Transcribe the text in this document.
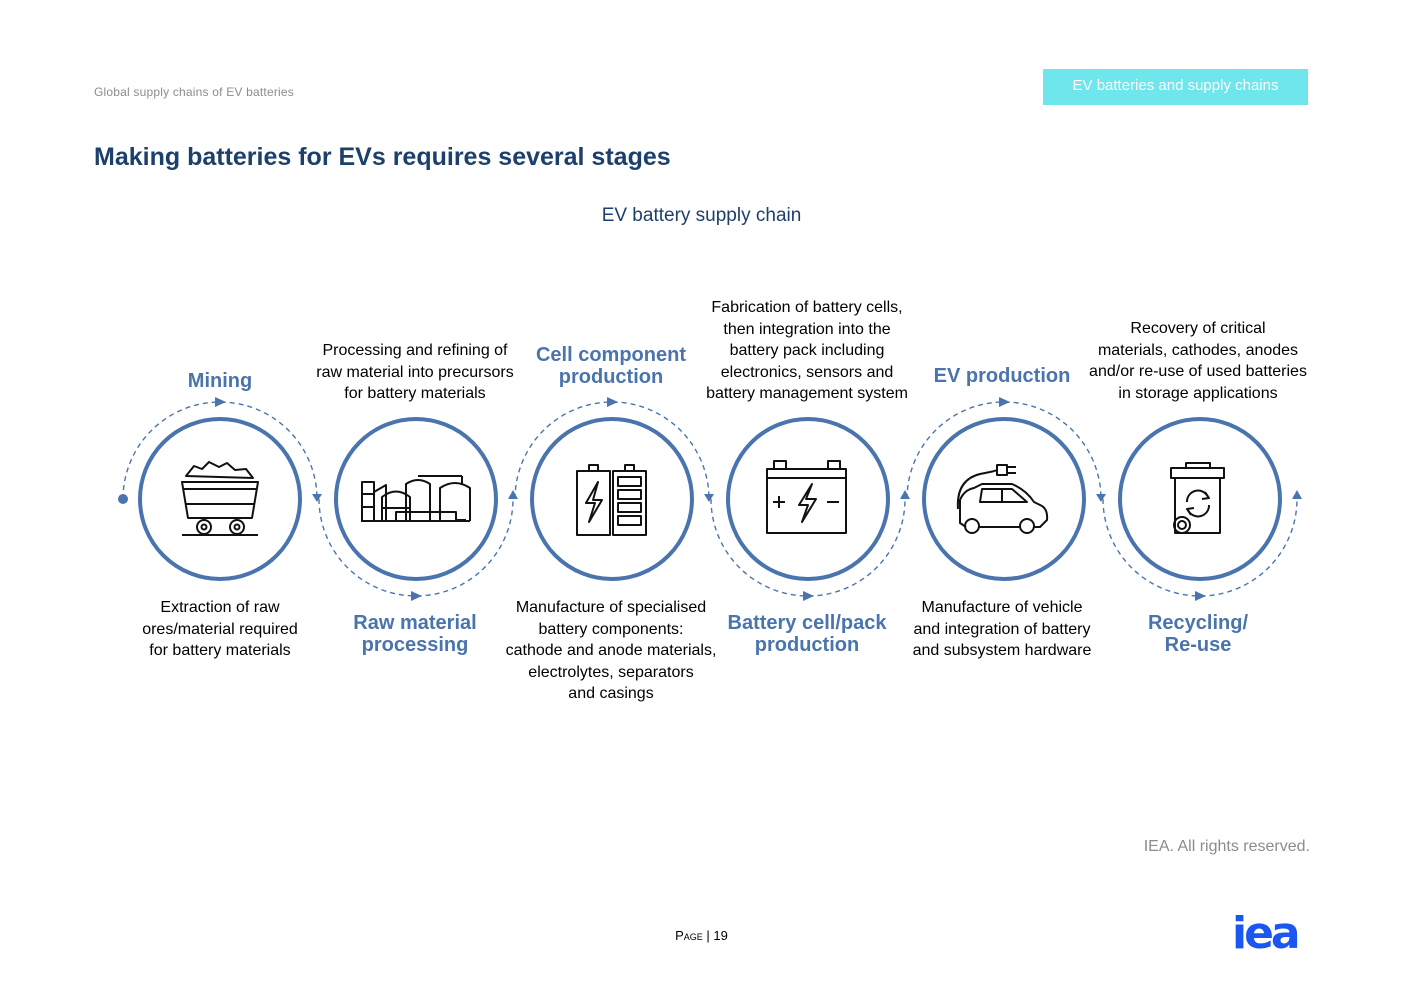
Global supply chains of EV batteries	EV batteries and supply chains
Making batteries for EVs requires several stages
EV battery supply chain
Mining
Extraction of raw
ores/material required
for battery materials
Raw material
processing
Processing and refining of
raw material into precursors
for battery materials
Cell component
production
Manufacture of specialised
battery components:
cathode and anode materials,
electrolytes, separators
and casings
Battery cell/pack
production
Fabrication of battery cells,
then integration into the
battery pack including
electronics, sensors and
battery management system
EV production
Manufacture of vehicle
and integration of battery
and subsystem hardware
Recycling/
Re-use
Recovery of critical
materials, cathodes, anodes
and/or re-use of used batteries
in storage applications
IEA. All rights reserved.
Page | 19	iea
